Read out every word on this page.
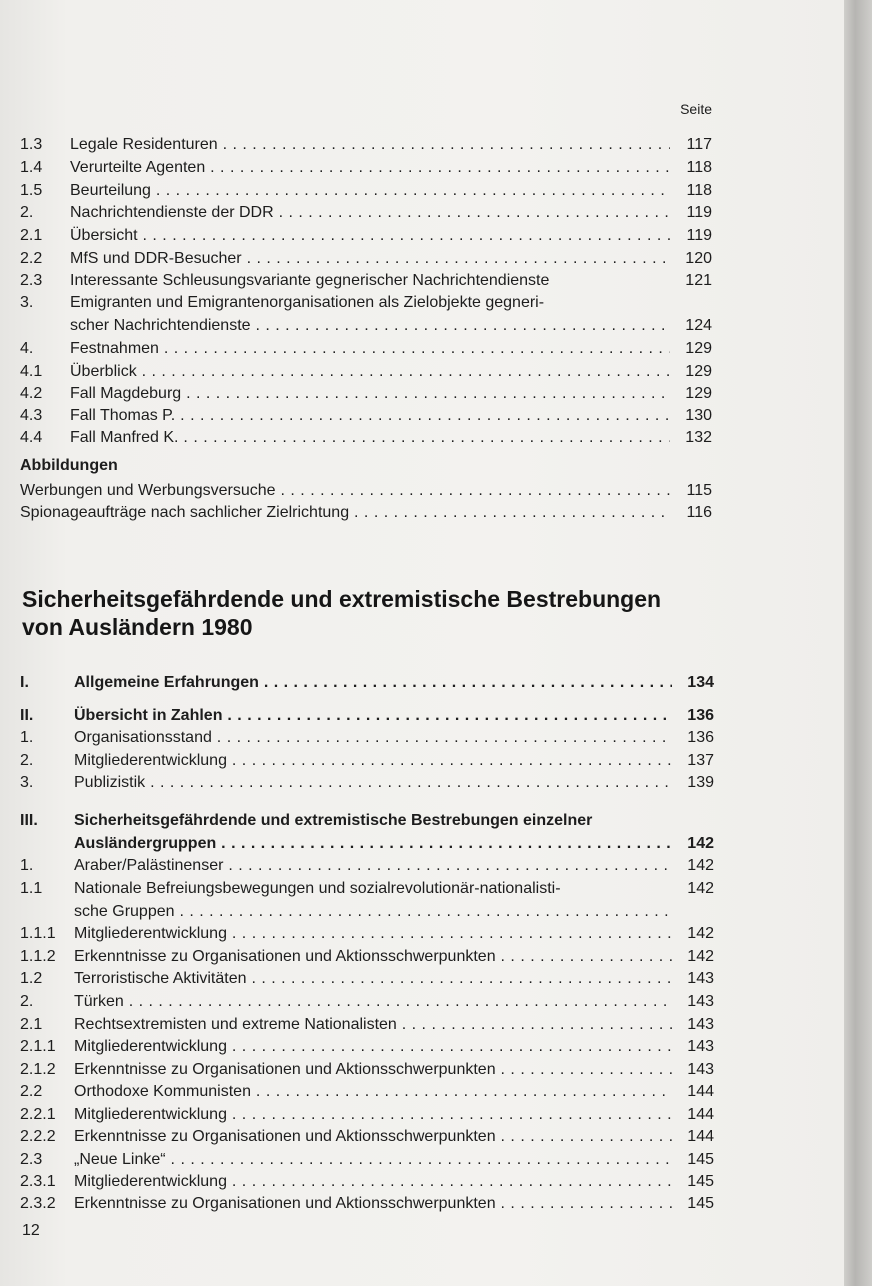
Seite
1.3 Legale Residenturen . . .	117
1.4 Verurteilte Agenten . . .	118
1.5 Beurteilung . . .	118
2. Nachrichtendienste der DDR . . .	119
2.1 Übersicht . . .	119
2.2 MfS und DDR-Besucher . . .	120
2.3 Interessante Schleusungsvariante gegnerischer Nachrichtendienste	121
3. Emigranten und Emigrantenorganisationen als Zielobjekte gegneri-
scher Nachrichtendienste . . .	124
4. Festnahmen . . .	129
4.1 Überblick . . .	129
4.2 Fall Magdeburg . . .	129
4.3 Fall Thomas P. . . .	130
4.4 Fall Manfred K. . . .	132
Abbildungen
Werbungen und Werbungsversuche . . .	115
Spionageaufträge nach sachlicher Zielrichtung . . .	116
Sicherheitsgefährdende und extremistische Bestrebungen
von Ausländern 1980
I.	Allgemeine Erfahrungen . . .	134
II.	Übersicht in Zahlen . . .	136
1.	Organisationsstand . . .	136
2.	Mitgliederentwicklung . . .	137
3.	Publizistik . . .	139
III. Sicherheitsgefährdende und extremistische Bestrebungen einzelner
Ausländergruppen . . .	142
1.	Araber/Palästinenser . . .	142
1.1 Nationale Befreiungsbewegungen und sozialrevolutionär-nationalisti-	142
sche Gruppen . . .
1.1.1 Mitgliederentwicklung . . .	142
1.1.2 Erkenntnisse zu Organisationen und Aktionsschwerpunkten . . .	142
1.2 Terroristische Aktivitäten . . .	143
2.	Türken . . .	143
2.1 Rechtsextremisten und extreme Nationalisten . . .	143
2.1.1 Mitgliederentwicklung . . .	143
2.1.2 Erkenntnisse zu Organisationen und Aktionsschwerpunkten . . .	143
2.2 Orthodoxe Kommunisten . . .	144
2.2.1 Mitgliederentwicklung . . .	144
2.2.2 Erkenntnisse zu Organisationen und Aktionsschwerpunkten . . .	144
2.3 „Neue Linke“ . . .	145
2.3.1 Mitgliederentwicklung . . .	145
2.3.2 Erkenntnisse zu Organisationen und Aktionsschwerpunkten . . .	145
12
